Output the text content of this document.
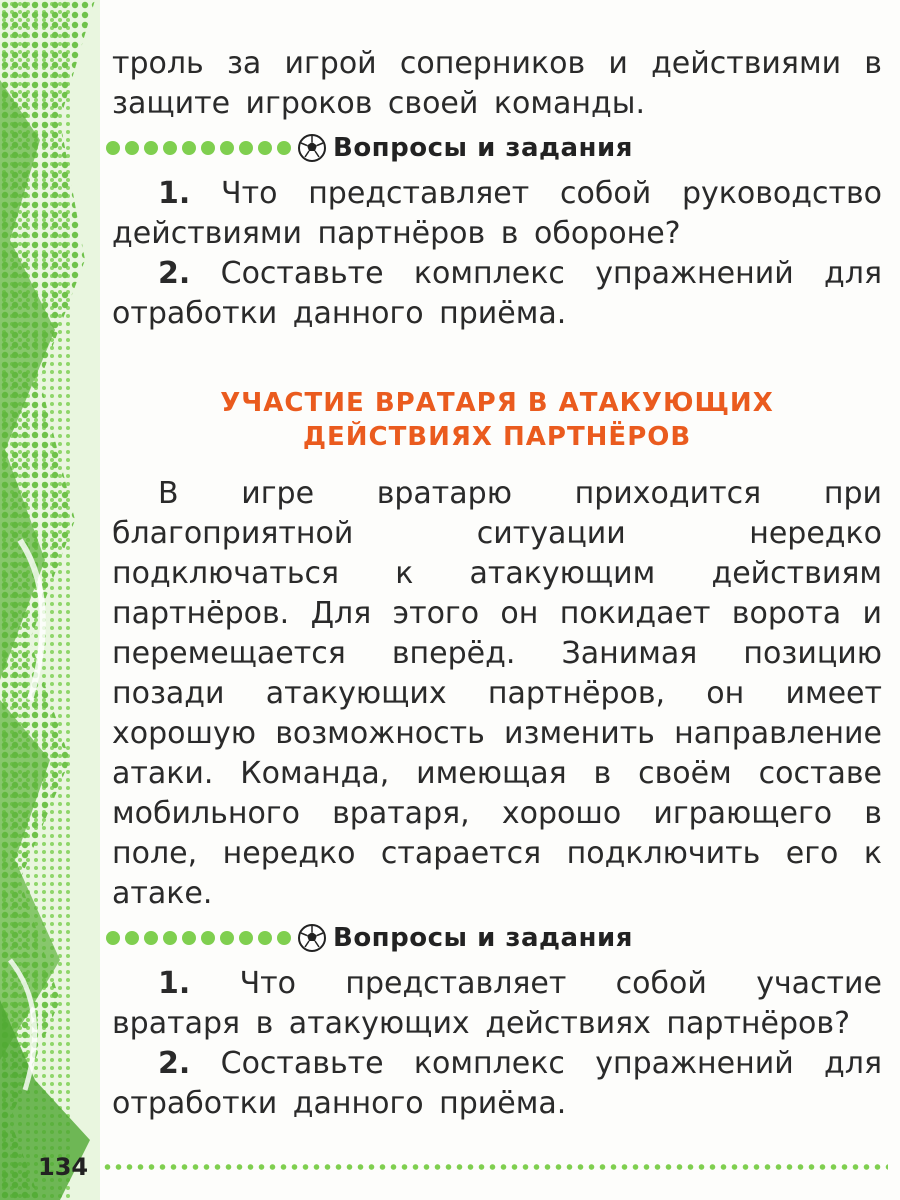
троль за игрой соперников и действиями в защите игроков своей команды.

Вопросы и задания

1. Что представляет собой руководство действиями партнёров в обороне?

2. Составьте комплекс упражнений для отработки данного приёма.

УЧАСТИЕ ВРАТАРЯ В АТАКУЮЩИХ
ДЕЙСТВИЯХ ПАРТНЁРОВ

В игре вратарю приходится при благоприятной ситуации нередко подключаться к атакующим действиям партнёров. Для этого он покидает ворота и перемещается вперёд. Занимая позицию позади атакующих партнёров, он имеет хорошую возможность изменить направление атаки. Команда, имеющая в своём составе мобильного вратаря, хорошо играющего в поле, нередко старается подключить его к атаке.

Вопросы и задания

1. Что представляет собой участие вратаря в атакующих действиях партнёров?

2. Составьте комплекс упражнений для отработки данного приёма.

134
